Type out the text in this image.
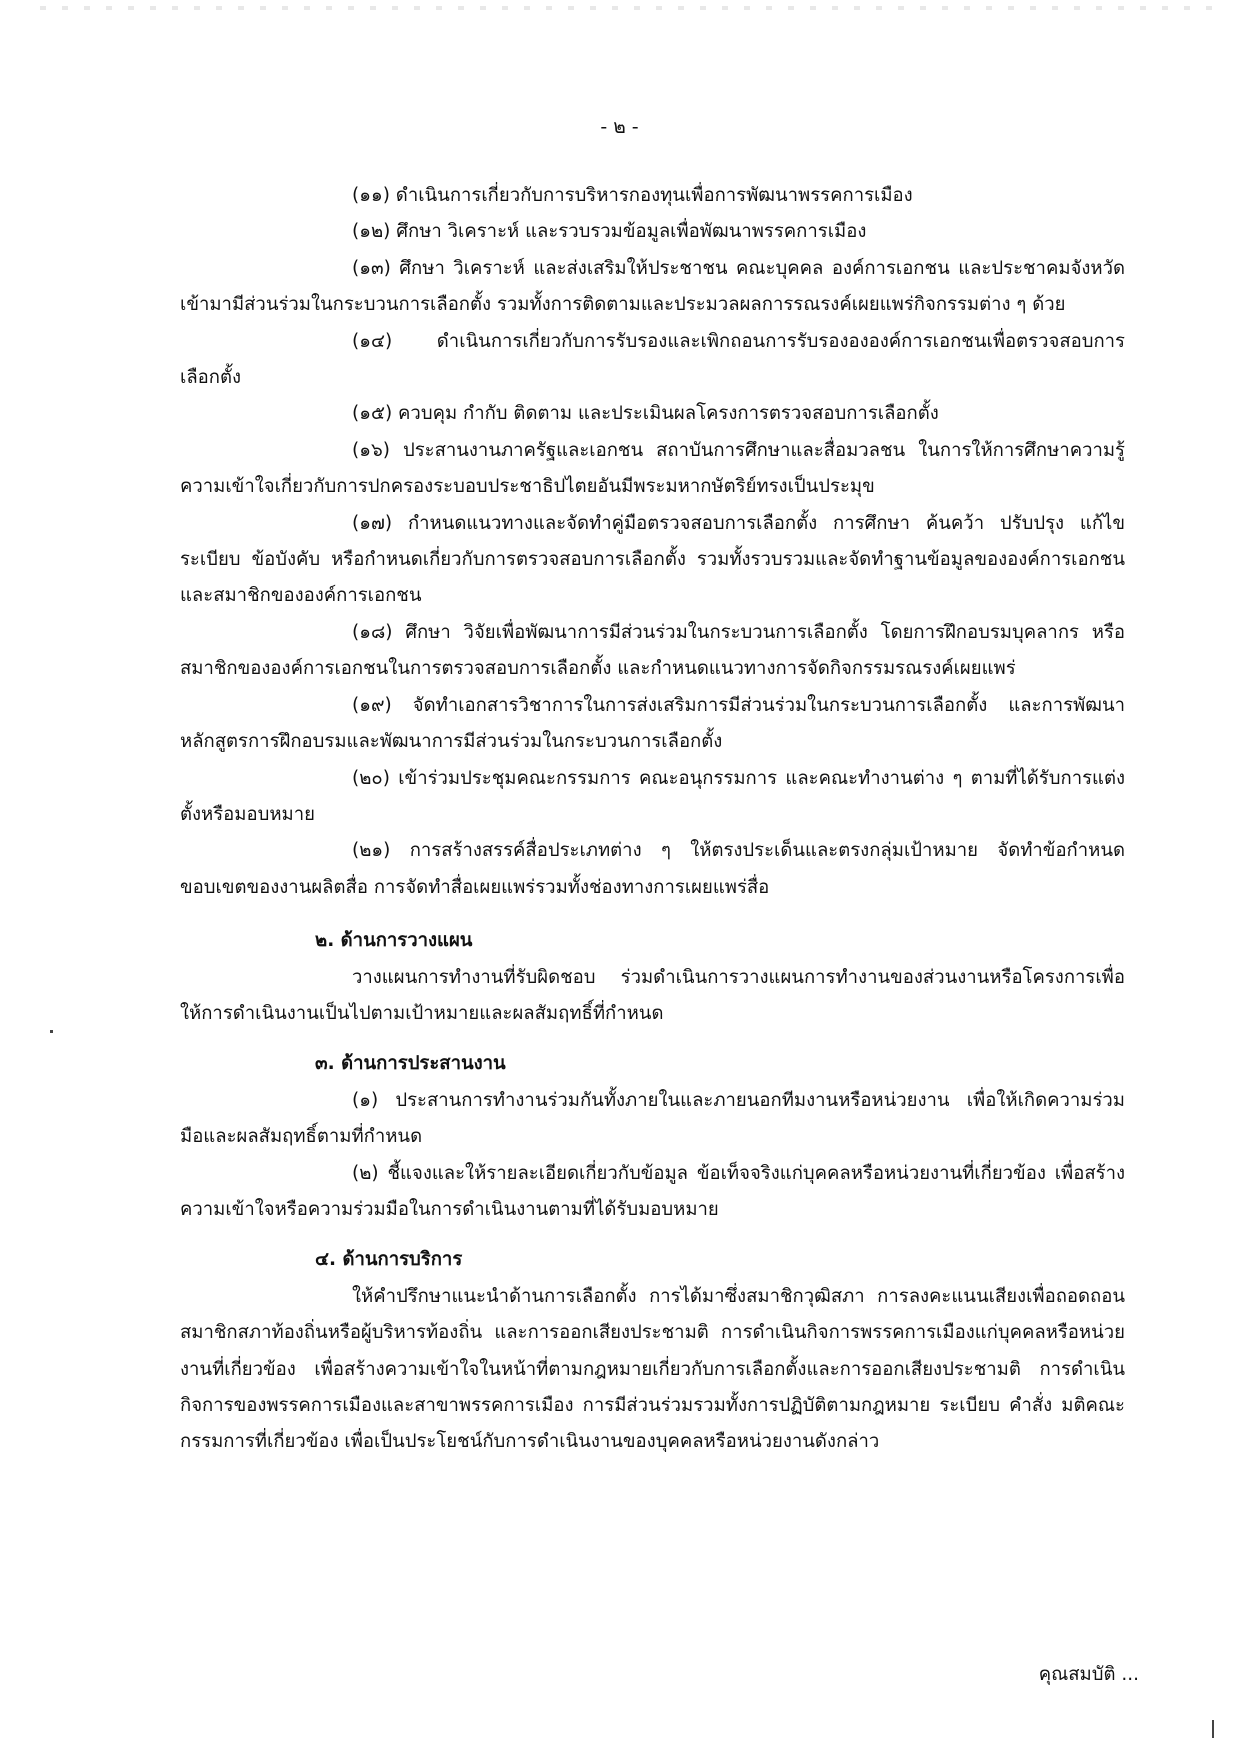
- ๒ -

(๑๑) ดำเนินการเกี่ยวกับการบริหารกองทุนเพื่อการพัฒนาพรรคการเมือง

(๑๒) ศึกษา วิเคราะห์ และรวบรวมข้อมูลเพื่อพัฒนาพรรคการเมือง

(๑๓) ศึกษา วิเคราะห์ และส่งเสริมให้ประชาชน คณะบุคคล องค์การเอกชน และประชาคมจังหวัด เข้ามามีส่วนร่วมในกระบวนการเลือกตั้ง รวมทั้งการติดตามและประมวลผลการรณรงค์เผยแพร่กิจกรรมต่าง ๆ ด้วย

(๑๔) ดำเนินการเกี่ยวกับการรับรองและเพิกถอนการรับรองององค์การเอกชนเพื่อตรวจสอบการเลือกตั้ง

(๑๕) ควบคุม กำกับ ติดตาม และประเมินผลโครงการตรวจสอบการเลือกตั้ง

(๑๖) ประสานงานภาครัฐและเอกชน สถาบันการศึกษาและสื่อมวลชน ในการให้การศึกษาความรู้ความเข้าใจเกี่ยวกับการปกครองระบอบประชาธิปไตยอันมีพระมหากษัตริย์ทรงเป็นประมุข

(๑๗) กำหนดแนวทางและจัดทำคู่มือตรวจสอบการเลือกตั้ง การศึกษา ค้นคว้า ปรับปรุง แก้ไข ระเบียบ ข้อบังคับ หรือกำหนดเกี่ยวกับการตรวจสอบการเลือกตั้ง รวมทั้งรวบรวมและจัดทำฐานข้อมูลขององค์การเอกชน และสมาชิกขององค์การเอกชน

(๑๘) ศึกษา วิจัยเพื่อพัฒนาการมีส่วนร่วมในกระบวนการเลือกตั้ง โดยการฝึกอบรมบุคลากร หรือสมาชิกขององค์การเอกชนในการตรวจสอบการเลือกตั้ง และกำหนดแนวทางการจัดกิจกรรมรณรงค์เผยแพร่

(๑๙) จัดทำเอกสารวิชาการในการส่งเสริมการมีส่วนร่วมในกระบวนการเลือกตั้ง และการพัฒนาหลักสูตรการฝึกอบรมและพัฒนาการมีส่วนร่วมในกระบวนการเลือกตั้ง

(๒๐) เข้าร่วมประชุมคณะกรรมการ คณะอนุกรรมการ และคณะทำงานต่าง ๆ ตามที่ได้รับการแต่งตั้งหรือมอบหมาย

(๒๑) การสร้างสรรค์สื่อประเภทต่าง ๆ ให้ตรงประเด็นและตรงกลุ่มเป้าหมาย จัดทำข้อกำหนดขอบเขตของงานผลิตสื่อ การจัดทำสื่อเผยแพร่รวมทั้งช่องทางการเผยแพร่สื่อ

๒. ด้านการวางแผน

วางแผนการทำงานที่รับผิดชอบ ร่วมดำเนินการวางแผนการทำงานของส่วนงานหรือโครงการเพื่อให้การดำเนินงานเป็นไปตามเป้าหมายและผลสัมฤทธิ์ที่กำหนด

๓. ด้านการประสานงาน

(๑) ประสานการทำงานร่วมกันทั้งภายในและภายนอกทีมงานหรือหน่วยงาน เพื่อให้เกิดความร่วมมือและผลสัมฤทธิ์ตามที่กำหนด

(๒) ชี้แจงและให้รายละเอียดเกี่ยวกับข้อมูล ข้อเท็จจริงแก่บุคคลหรือหน่วยงานที่เกี่ยวข้อง เพื่อสร้างความเข้าใจหรือความร่วมมือในการดำเนินงานตามที่ได้รับมอบหมาย

๔. ด้านการบริการ

ให้คำปรึกษาแนะนำด้านการเลือกตั้ง การได้มาซึ่งสมาชิกวุฒิสภา การลงคะแนนเสียงเพื่อถอดถอนสมาชิกสภาท้องถิ่นหรือผู้บริหารท้องถิ่น และการออกเสียงประชามติ การดำเนินกิจการพรรคการเมืองแก่บุคคลหรือหน่วยงานที่เกี่ยวข้อง เพื่อสร้างความเข้าใจในหน้าที่ตามกฎหมายเกี่ยวกับการเลือกตั้งและการออกเสียงประชามติ การดำเนินกิจการของพรรคการเมืองและสาขาพรรคการเมือง การมีส่วนร่วมรวมทั้งการปฏิบัติตามกฎหมาย ระเบียบ คำสั่ง มติคณะกรรมการที่เกี่ยวข้อง เพื่อเป็นประโยชน์กับการดำเนินงานของบุคคลหรือหน่วยงานดังกล่าว

คุณสมบัติ ...
